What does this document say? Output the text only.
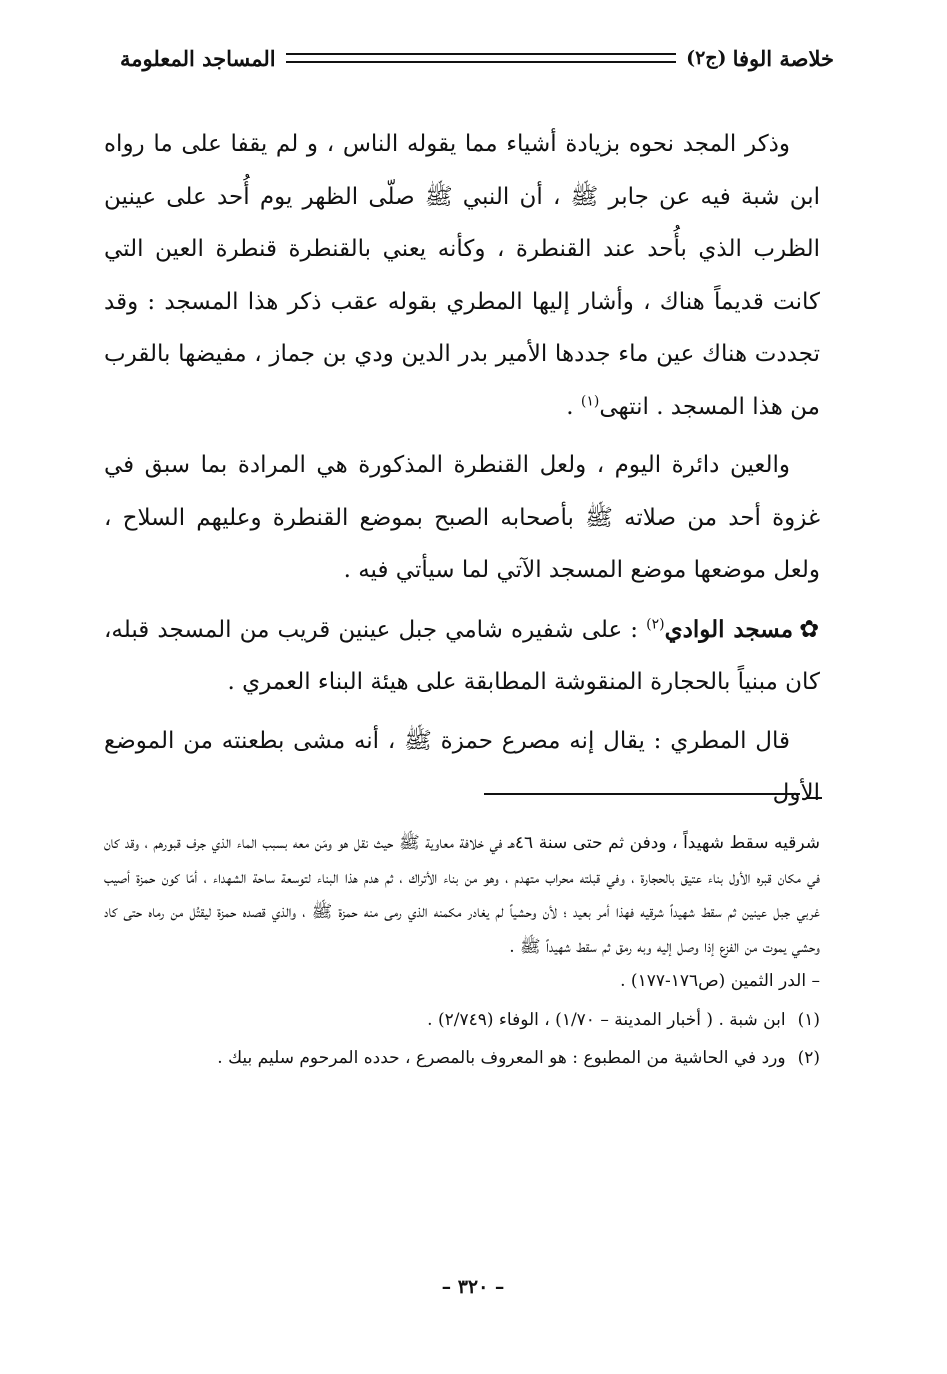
خلاصة الوفا
(ج٢)
المساجد المعلومة

وذكر المجد نحوه بزيادة أشياء مما يقوله الناس ، و لم يقفا على ما رواه ابن شبة فيه عن جابر ﷺ ، أن النبي ﷺ صلّى الظهر يوم أُحد على عينين الظرب الذي بأُحد عند القنطرة ، وكأنه يعني بالقنطرة قنطرة العين التي كانت قديماً هناك ، وأشار إليها المطري بقوله عقب ذكر هذا المسجد : وقد تجددت هناك عين ماء جددها الأمير بدر الدين ودي بن جماز ، مفيضها بالقرب من هذا المسجد . انتهى$^{(١)}$ .

والعين دائرة اليوم ، ولعل القنطرة المذكورة هي المرادة بما سبق في غزوة أحد من صلاته ﷺ بأصحابه الصبح بموضع القنطرة وعليهم السلاح ، ولعل موضعها موضع المسجد الآتي لما سيأتي فيه .

✿مسجد الوادي$^{(٢)}$ : على شفيره شامي جبل عينين قريب من المسجد قبله، كان مبنياً بالحجارة المنقوشة المطابقة على هيئة البناء العمري .

قال المطري : يقال إنه مصرع حمزة ﷺ ، أنه مشى بطعنته من الموضع الأول

شرقيه سقط شهيداً ، ودفن ثم حتى سنة ٤٦هـ في خلافة معاوية ﷺ حيث نقل هو ومَن معه بسبب الماء الذي جرف قبورهم ، وقد كان في مكان قبره الأول بناء عتيق بالحجارة ، وفي قبلته محراب متهدم ، وهو من بناء الأتراك ، ثم هدم هذا البناء لتوسعة ساحة الشهداء ، أمّا كون حمزة أصيب غربي جبل عينين ثم سقط شهيداً شرقيه فهذا أمر بعيد ؛ لأن وحشياً لم يغادر مكمنه الذي رمى منه حمزة ﷺ ، والذي قصده حمزة ليقتُل من رماه حتى كاد وحشي يموت من الفزع إذا وصل إليه وبه رمق ثم سقط شهيداً ﷺ .

– الدر الثمين (ص١٧٦-١٧٧) .

(١)ابن شبة . ( أخبار المدينة – ١/٧٠) ، الوفاء (٢/٧٤٩) .

(٢)ورد في الحاشية من المطبوع : هو المعروف بالمصرع ، حدده المرحوم سليم بيك .

– ٣٢٠ –
